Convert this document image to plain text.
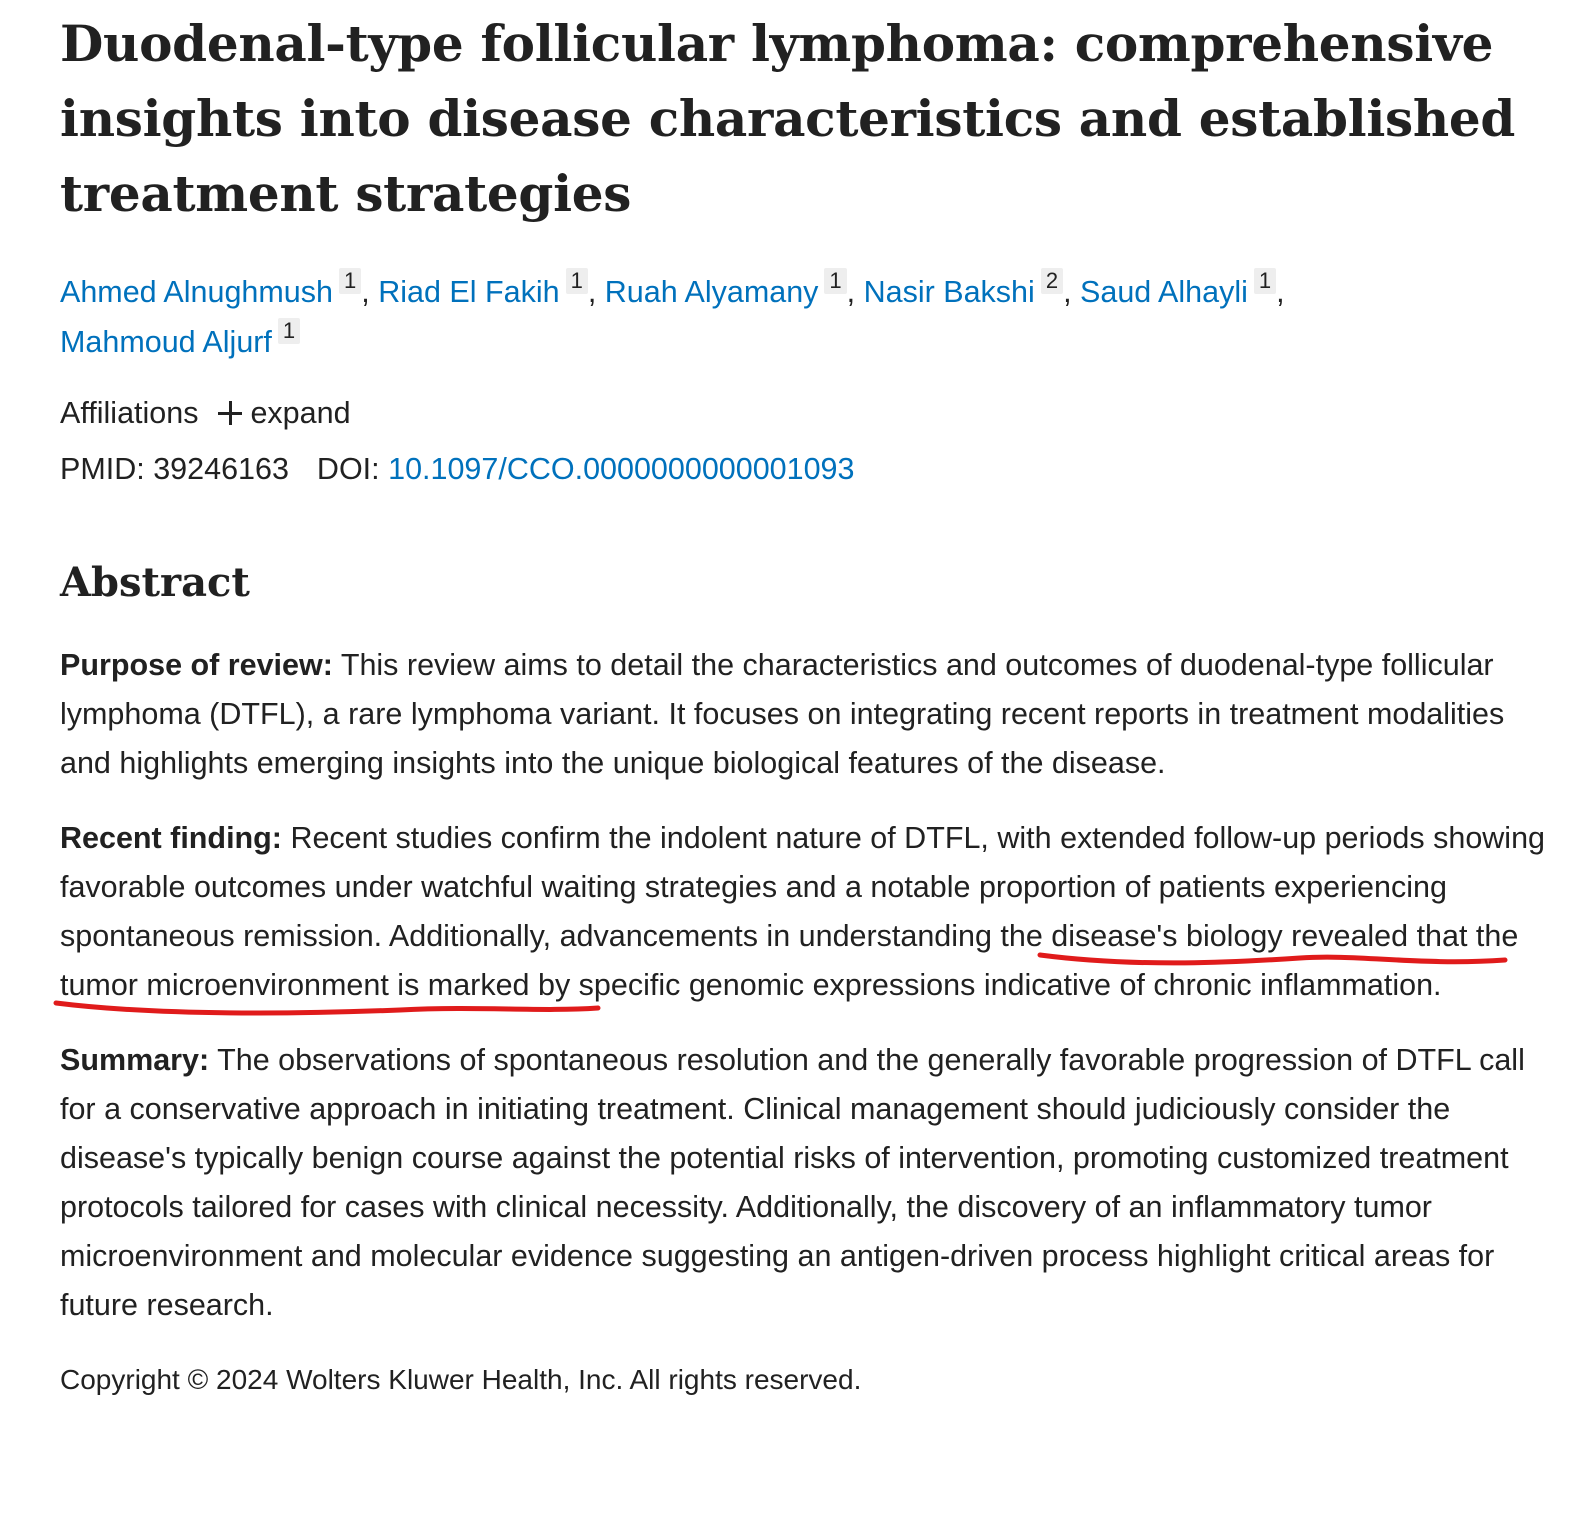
Duodenal-type follicular lymphoma: comprehensive insights into disease characteristics and established treatment strategies
Ahmed Alnughmush 1 , Riad El Fakih 1 , Ruah Alyamany 1 , Nasir Bakshi 2 , Saud Alhayli 1 ,
Mahmoud Aljurf 1
Affiliations expand
PMID: 39246163 DOI: 10.1097/CCO.0000000000001093
Abstract

Purpose of review: This review aims to detail the characteristics and outcomes of duodenal-type follicular lymphoma (DTFL), a rare lymphoma variant. It focuses on integrating recent reports in treatment modalities and highlights emerging insights into the unique biological features of the disease.

Recent finding: Recent studies confirm the indolent nature of DTFL, with extended follow-up periods showing favorable outcomes under watchful waiting strategies and a notable proportion of patients experiencing spontaneous remission. Additionally, advancements in understanding the disease's biology revealed that the tumor microenvironment is marked by specific genomic expressions indicative of chronic inflammation.

Summary: The observations of spontaneous resolution and the generally favorable progression of DTFL call for a conservative approach in initiating treatment. Clinical management should judiciously consider the disease's typically benign course against the potential risks of intervention, promoting customized treatment protocols tailored for cases with clinical necessity. Additionally, the discovery of an inflammatory tumor microenvironment and molecular evidence suggesting an antigen-driven process highlight critical areas for future research.

Copyright © 2024 Wolters Kluwer Health, Inc. All rights reserved.
